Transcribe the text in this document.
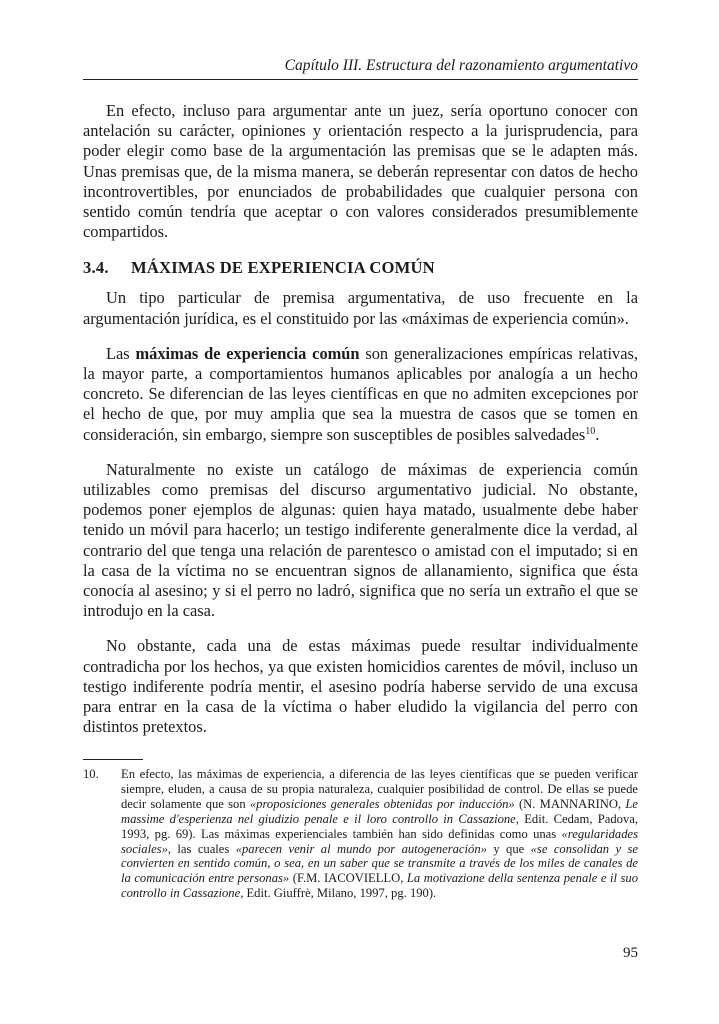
Capítulo III. Estructura del razonamiento argumentativo

En efecto, incluso para argumentar ante un juez, sería oportuno conocer con antelación su carácter, opiniones y orientación respecto a la jurisprudencia, para poder elegir como base de la argumentación las premisas que se le adapten más. Unas premisas que, de la misma manera, se deberán representar con datos de hecho incontrovertibles, por enunciados de probabilidades que cualquier persona con sentido común tendría que aceptar o con valores considerados presumiblemente compartidos.

3.4. MÁXIMAS DE EXPERIENCIA COMÚN

Un tipo particular de premisa argumentativa, de uso frecuente en la argumentación jurídica, es el constituido por las «máximas de experiencia común».

Las máximas de experiencia común son generalizaciones empíricas relativas, la mayor parte, a comportamientos humanos aplicables por analogía a un hecho concreto. Se diferencian de las leyes científicas en que no admiten excepciones por el hecho de que, por muy amplia que sea la muestra de casos que se tomen en consideración, sin embargo, siempre son susceptibles de posibles salvedades$^{10}$.

Naturalmente no existe un catálogo de máximas de experiencia común utilizables como premisas del discurso argumentativo judicial. No obstante, podemos poner ejemplos de algunas: quien haya matado, usualmente debe haber tenido un móvil para hacerlo; un testigo indiferente generalmente dice la verdad, al contrario del que tenga una relación de parentesco o amistad con el imputado; si en la casa de la víctima no se encuentran signos de allanamiento, significa que ésta conocía al asesino; y si el perro no ladró, significa que no sería un extraño el que se introdujo en la casa.

No obstante, cada una de estas máximas puede resultar individualmente contradicha por los hechos, ya que existen homicidios carentes de móvil, incluso un testigo indiferente podría mentir, el asesino podría haberse servido de una excusa para entrar en la casa de la víctima o haber eludido la vigilancia del perro con distintos pretextos.

10. En efecto, las máximas de experiencia, a diferencia de las leyes científicas que se pueden verificar siempre, eluden, a causa de su propia naturaleza, cualquier posibilidad de control. De ellas se puede decir solamente que son «proposiciones generales obtenidas por inducción» (N. MANNARINO, Le massime d'esperienza nel giudizio penale e il loro controllo in Cassazione, Edit. Cedam, Padova, 1993, pg. 69). Las máximas experienciales también han sido definidas como unas «regularidades sociales», las cuales «parecen venir al mundo por autogeneración» y que «se consolidan y se convierten en sentido común, o sea, en un saber que se transmite a través de los miles de canales de la comunicación entre personas» (F.M. IACOVIELLO, La motivazione della sentenza penale e il suo controllo in Cassazione, Edit. Giuffrè, Milano, 1997, pg. 190).
95
